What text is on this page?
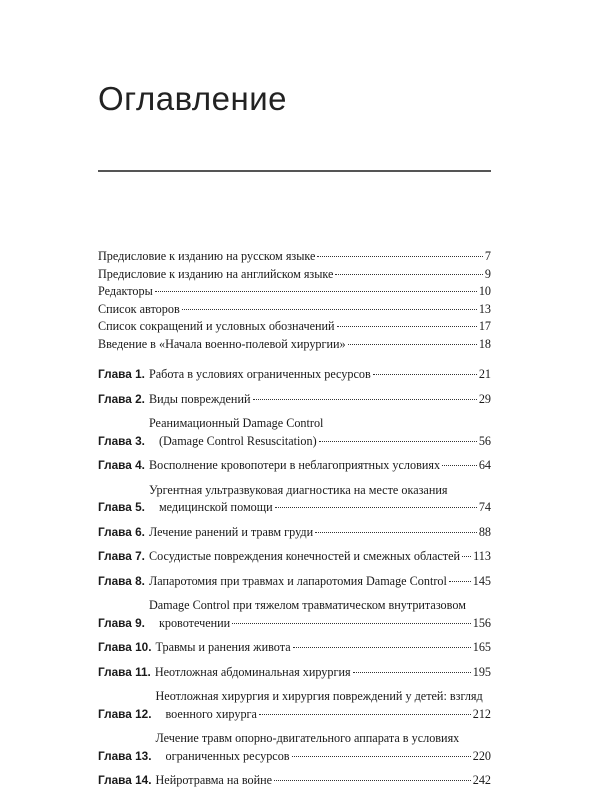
Оглавление
Предисловие к изданию на русском языке	7
Предисловие к изданию на английском языке	9
Редакторы	10
Список авторов	13
Список сокращений и условных обозначений	17
Введение в «Начала военно-полевой хирургии»	18
Глава 1. Работа в условиях ограниченных ресурсов	21
Глава 2. Виды повреждений	29
Глава 3.
Реанимационный Damage Control
(Damage Control Resuscitation)	56
Глава 4. Восполнение кровопотери в неблагоприятных условиях	64
Глава 5.
Ургентная ультразвуковая диагностика на месте оказания
медицинской помощи	74
Глава 6. Лечение ранений и травм груди	88
Глава 7. Сосудистые повреждения конечностей и смежных областей 113
Глава 8. Лапаротомия при травмах и лапаротомия Damage Control 145
Глава 9.
Damage Control при тяжелом травматическом внутритазовом
кровотечении	156
Глава 10. Травмы и ранения живота	165
Глава 11. Неотложная абдоминальная хирургия	195
Глава 12.
Неотложная хирургия и хирургия повреждений у детей: взгляд
военного хирурга	212
Глава 13.
Лечение травм опорно-двигательного аппарата в условиях
ограниченных ресурсов	220
Глава 14. Нейротравма на войне	242
